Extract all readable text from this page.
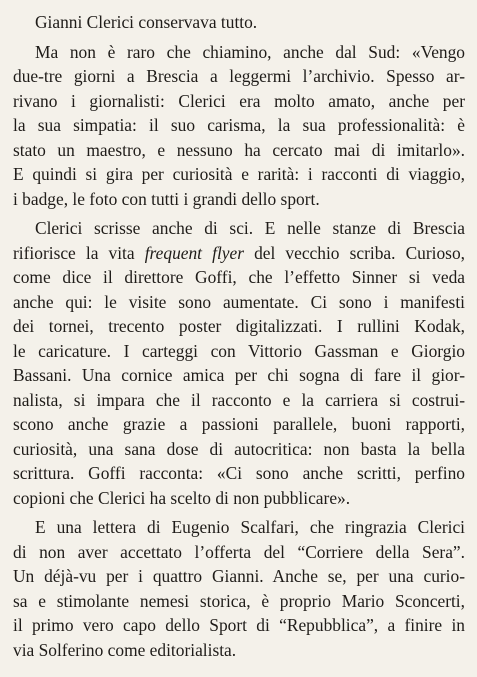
Gianni Clerici conservava tutto.
Ma non è raro che chiamino, anche dal Sud: «Vengo
due-tre giorni a Brescia a leggermi l’archivio. Spesso ar-
rivano i giornalisti: Clerici era molto amato, anche per
la sua simpatia: il suo carisma, la sua professionalità: è
stato un maestro, e nessuno ha cercato mai di imitarlo».
E quindi si gira per curiosità e rarità: i racconti di viaggio,
i badge, le foto con tutti i grandi dello sport.
Clerici scrisse anche di sci. E nelle stanze di Brescia
rifiorisce la vita frequent flyer del vecchio scriba. Curioso,
come dice il direttore Goffi, che l’effetto Sinner si veda
anche qui: le visite sono aumentate. Ci sono i manifesti
dei tornei, trecento poster digitalizzati. I rullini Kodak,
le caricature. I carteggi con Vittorio Gassman e Giorgio
Bassani. Una cornice amica per chi sogna di fare il gior-
nalista, si impara che il racconto e la carriera si costrui-
scono anche grazie a passioni parallele, buoni rapporti,
curiosità, una sana dose di autocritica: non basta la bella
scrittura. Goffi racconta: «Ci sono anche scritti, perfino
copioni che Clerici ha scelto di non pubblicare».
E una lettera di Eugenio Scalfari, che ringrazia Clerici
di non aver accettato l’offerta del “Corriere della Sera”.
Un déjà-vu per i quattro Gianni. Anche se, per una curio-
sa e stimolante nemesi storica, è proprio Mario Sconcerti,
il primo vero capo dello Sport di “Repubblica”, a finire in
via Solferino come editorialista.
